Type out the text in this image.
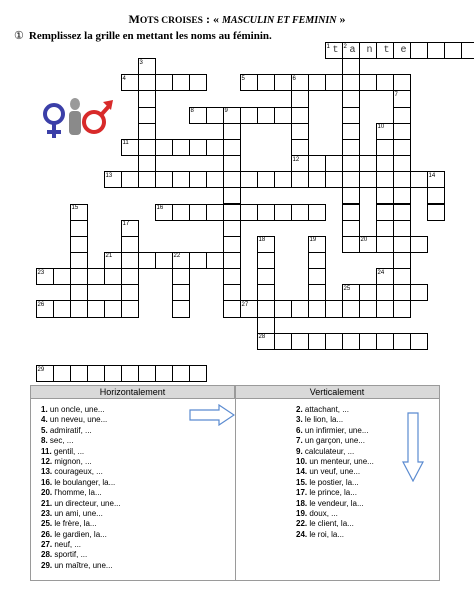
MOTS CROISES : « MASCULIN ET FEMININ »
① Remplissez la grille en mettant les noms au féminin.
1 2
3
4	5	6
7
8	9
10
11
12
13	14
15	16
17
18	19	20
21	22
23	24
25
26	27
28
29
t	a	n	t	e
Horizontalement	Verticalement
1. un oncle, une...
4. un neveu, une...
5. admiratif, ...
8. sec, ...
11. gentil, ...
12. mignon, ...
13. courageux, ...
16. le boulanger, la...
20. l'homme, la...
21. un directeur, une...
23. un ami, une...
25. le frère, la...
26. le gardien, la...
27. neuf, ...
28. sportif, ...
29. un maître, une...
2. attachant, ...
3. le lion, la...
6. un infirmier, une...
7. un garçon, une...
9. calculateur, ...
10. un menteur, une...
14. un veuf, une...
15. le postier, la...
17. le prince, la...
18. le vendeur, la...
19. doux, ...
22. le client, la...
24. le roi, la...
